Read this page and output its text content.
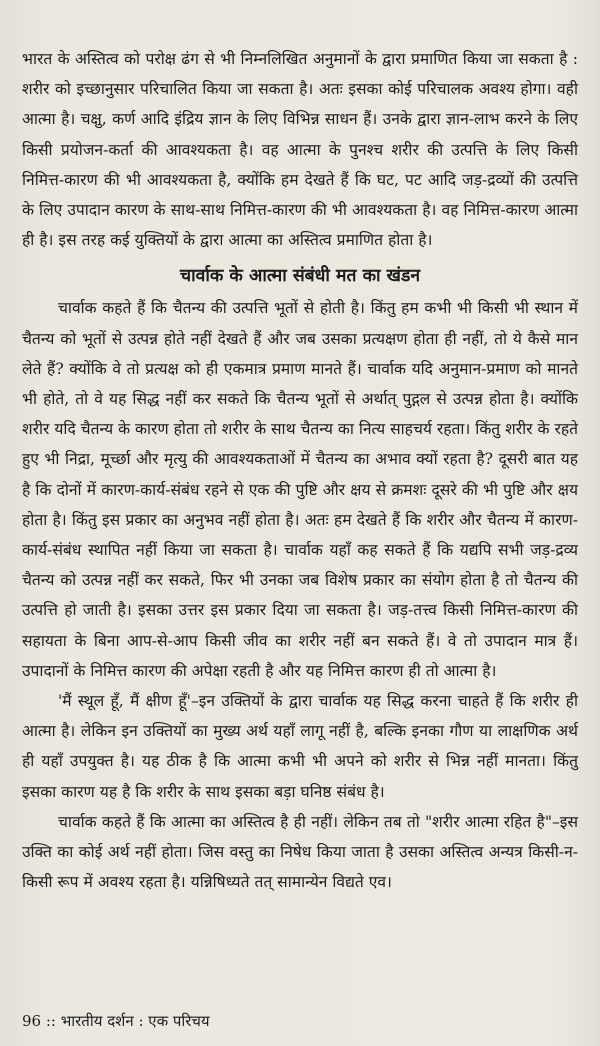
भारत के अस्तित्व को परोक्ष ढंग से भी निम्नलिखित अनुमानों के द्वारा प्रमाणित किया जा सकता है : शरीर को इच्छानुसार परिचालित किया जा सकता है। अतः इसका कोई परिचालक अवश्य होगा। वही आत्मा है। चक्षु, कर्ण आदि इंद्रिय ज्ञान के लिए विभिन्न साधन हैं। उनके द्वारा ज्ञान-लाभ करने के लिए किसी प्रयोजन-कर्ता की आवश्यकता है। वह आत्मा के पुनश्च शरीर की उत्पत्ति के लिए किसी निमित्त-कारण की भी आवश्यकता है, क्योंकि हम देखते हैं कि घट, पट आदि जड़-द्रव्यों की उत्पत्ति के लिए उपादान कारण के साथ-साथ निमित्त-कारण की भी आवश्यकता है। वह निमित्त-कारण आत्मा ही है। इस तरह कई युक्तियों के द्वारा आत्मा का अस्तित्व प्रमाणित होता है।

चार्वाक के आत्मा संबंधी मत का खंडन

चार्वाक कहते हैं कि चैतन्य की उत्पत्ति भूतों से होती है। किंतु हम कभी भी किसी भी स्थान में चैतन्य को भूतों से उत्पन्न होते नहीं देखते हैं और जब उसका प्रत्यक्षण होता ही नहीं, तो ये कैसे मान लेते हैं? क्योंकि वे तो प्रत्यक्ष को ही एकमात्र प्रमाण मानते हैं। चार्वाक यदि अनुमान-प्रमाण को मानते भी होते, तो वे यह सिद्ध नहीं कर सकते कि चैतन्य भूतों से अर्थात् पुद्गल से उत्पन्न होता है। क्योंकि शरीर यदि चैतन्य के कारण होता तो शरीर के साथ चैतन्य का नित्य साहचर्य रहता। किंतु शरीर के रहते हुए भी निद्रा, मूर्च्छा और मृत्यु की आवश्यकताओं में चैतन्य का अभाव क्यों रहता है? दूसरी बात यह है कि दोनों में कारण-कार्य-संबंध रहने से एक की पुष्टि और क्षय से क्रमशः दूसरे की भी पुष्टि और क्षय होता है। किंतु इस प्रकार का अनुभव नहीं होता है। अतः हम देखते हैं कि शरीर और चैतन्य में कारण-कार्य-संबंध स्थापित नहीं किया जा सकता है। चार्वाक यहाँ कह सकते हैं कि यद्यपि सभी जड़-द्रव्य चैतन्य को उत्पन्न नहीं कर सकते, फिर भी उनका जब विशेष प्रकार का संयोग होता है तो चैतन्य की उत्पत्ति हो जाती है। इसका उत्तर इस प्रकार दिया जा सकता है। जड़-तत्त्व किसी निमित्त-कारण की सहायता के बिना आप-से-आप किसी जीव का शरीर नहीं बन सकते हैं। वे तो उपादान मात्र हैं। उपादानों के निमित्त कारण की अपेक्षा रहती है और यह निमित्त कारण ही तो आत्मा है।

'मैं स्थूल हूँ, मैं क्षीण हूँ'–इन उक्तियों के द्वारा चार्वाक यह सिद्ध करना चाहते हैं कि शरीर ही आत्मा है। लेकिन इन उक्तियों का मुख्य अर्थ यहाँ लागू नहीं है, बल्कि इनका गौण या लाक्षणिक अर्थ ही यहाँ उपयुक्त है। यह ठीक है कि आत्मा कभी भी अपने को शरीर से भिन्न नहीं मानता। किंतु इसका कारण यह है कि शरीर के साथ इसका बड़ा घनिष्ठ संबंध है।

चार्वाक कहते हैं कि आत्मा का अस्तित्व है ही नहीं। लेकिन तब तो "शरीर आत्मा रहित है"–इस उक्ति का कोई अर्थ नहीं होता। जिस वस्तु का निषेध किया जाता है उसका अस्तित्व अन्यत्र किसी-न-किसी रूप में अवश्य रहता है। यन्निषिध्यते तत् सामान्येन विद्यते एव।

96 :: भारतीय दर्शन : एक परिचय
